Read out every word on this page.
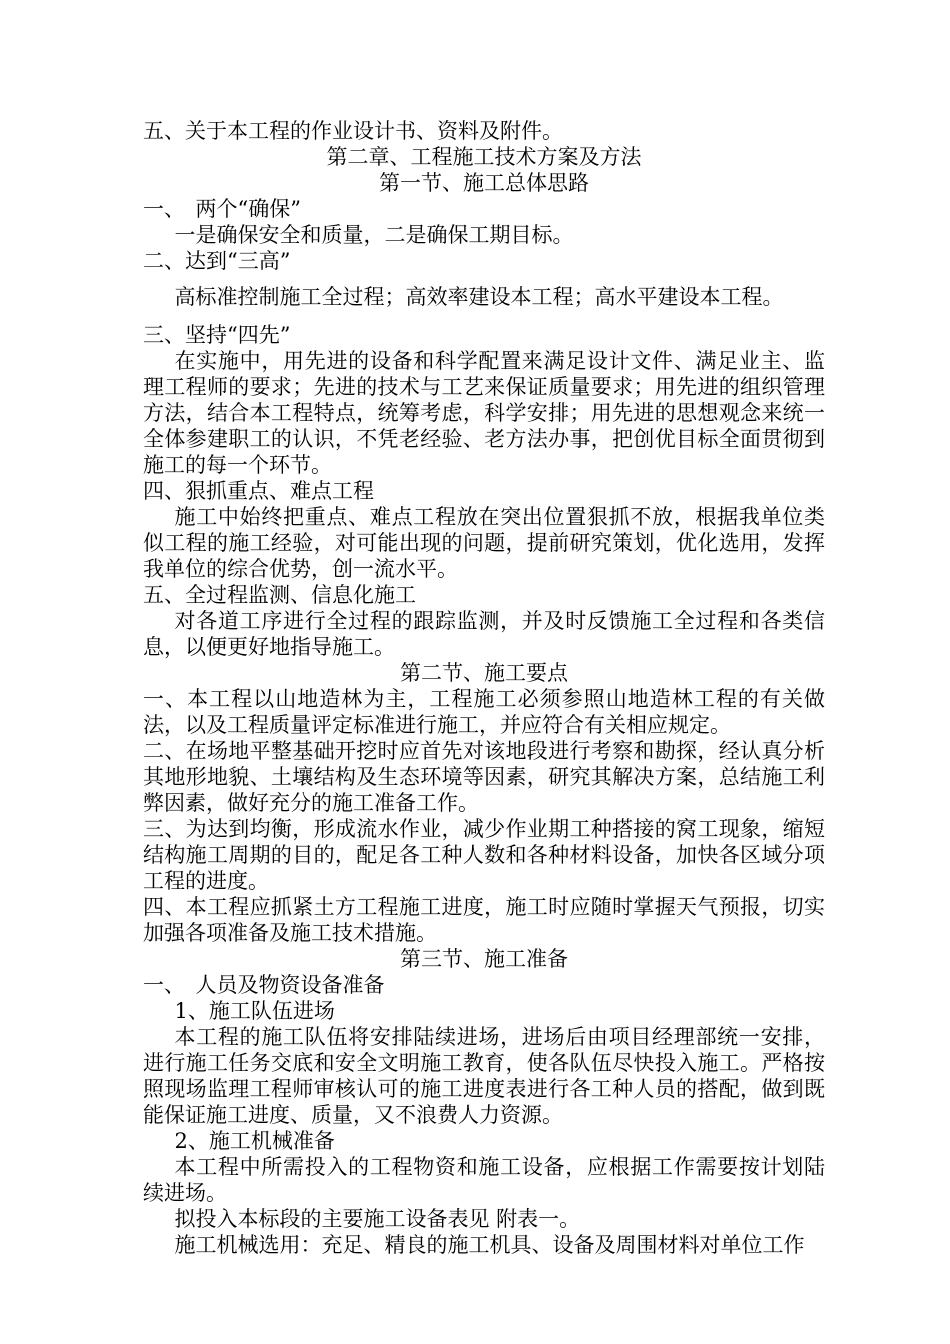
五、关于本工程的作业设计书、资料及附件。

第二章、工程施工技术方案及方法

第一节、施工总体思路

一、　两个“确保”

一是确保安全和质量，二是确保工期目标。

二、达到“三高”

高标准控制施工全过程；高效率建设本工程；高水平建设本工程。

三、坚持“四先”

在实施中，用先进的设备和科学配置来满足设计文件、满足业主、监理工程师的要求；先进的技术与工艺来保证质量要求；用先进的组织管理方法，结合本工程特点，统筹考虑，科学安排；用先进的思想观念来统一全体参建职工的认识，不凭老经验、老方法办事，把创优目标全面贯彻到施工的每一个环节。

四、狠抓重点、难点工程

施工中始终把重点、难点工程放在突出位置狠抓不放，根据我单位类似工程的施工经验，对可能出现的问题，提前研究策划，优化选用，发挥我单位的综合优势，创一流水平。

五、全过程监测、信息化施工

对各道工序进行全过程的跟踪监测，并及时反馈施工全过程和各类信息，以便更好地指导施工。

第二节、施工要点

一、本工程以山地造林为主，工程施工必须参照山地造林工程的有关做法，以及工程质量评定标准进行施工，并应符合有关相应规定。

二、在场地平整基础开挖时应首先对该地段进行考察和勘探，经认真分析其地形地貌、土壤结构及生态环境等因素，研究其解决方案，总结施工利弊因素，做好充分的施工准备工作。

三、为达到均衡，形成流水作业，减少作业期工种搭接的窝工现象，缩短结构施工周期的目的，配足各工种人数和各种材料设备，加快各区域分项工程的进度。

四、本工程应抓紧土方工程施工进度，施工时应随时掌握天气预报，切实加强各项准备及施工技术措施。

第三节、施工准备

一、　人员及物资设备准备

1、施工队伍进场

本工程的施工队伍将安排陆续进场，进场后由项目经理部统一安排，进行施工任务交底和安全文明施工教育，使各队伍尽快投入施工。严格按照现场监理工程师审核认可的施工进度表进行各工种人员的搭配，做到既能保证施工进度、质量，又不浪费人力资源。

2、施工机械准备

本工程中所需投入的工程物资和施工设备，应根据工作需要按计划陆续进场。

拟投入本标段的主要施工设备表见 附表一。

施工机械选用：充足、精良的施工机具、设备及周围材料对单位工作
